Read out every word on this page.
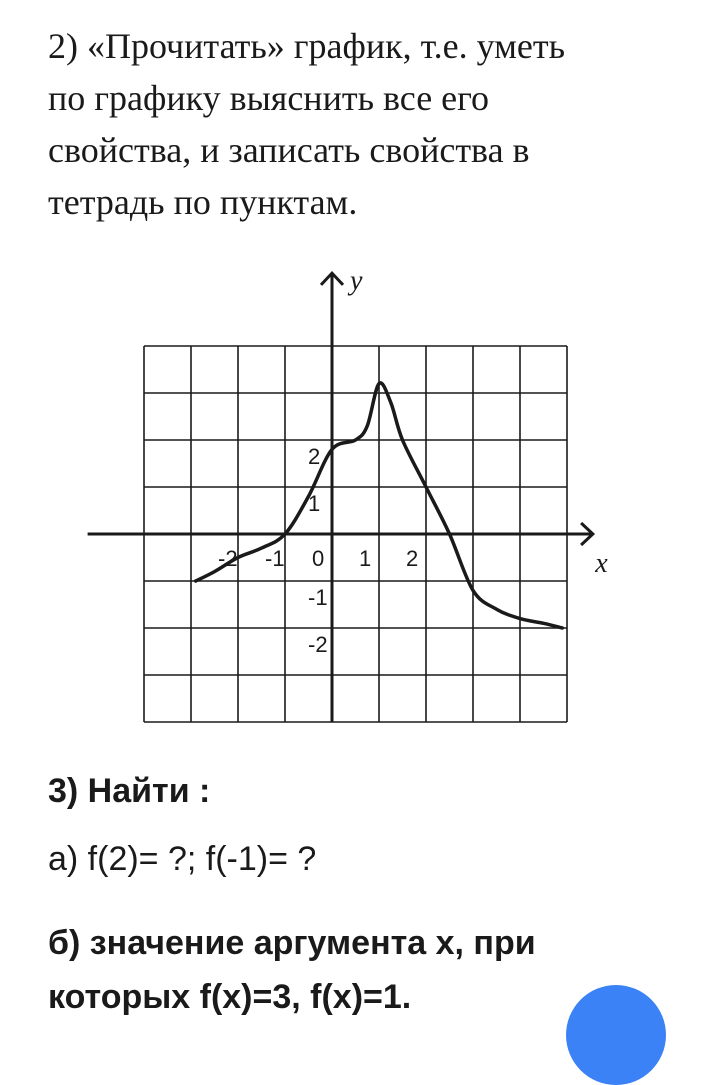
2) «Прочитать» график, т.е. уметь
по графику выяснить все его
свойства, и записать свойства в
тетрадь по пунктам.
x
y
-2 -1 0 1 2
2
1
-1
-2
3) Найти :

а) f(2)= ?; f(-1)= ?

б) значение аргумента х, при
которых f(x)=3, f(x)=1.
